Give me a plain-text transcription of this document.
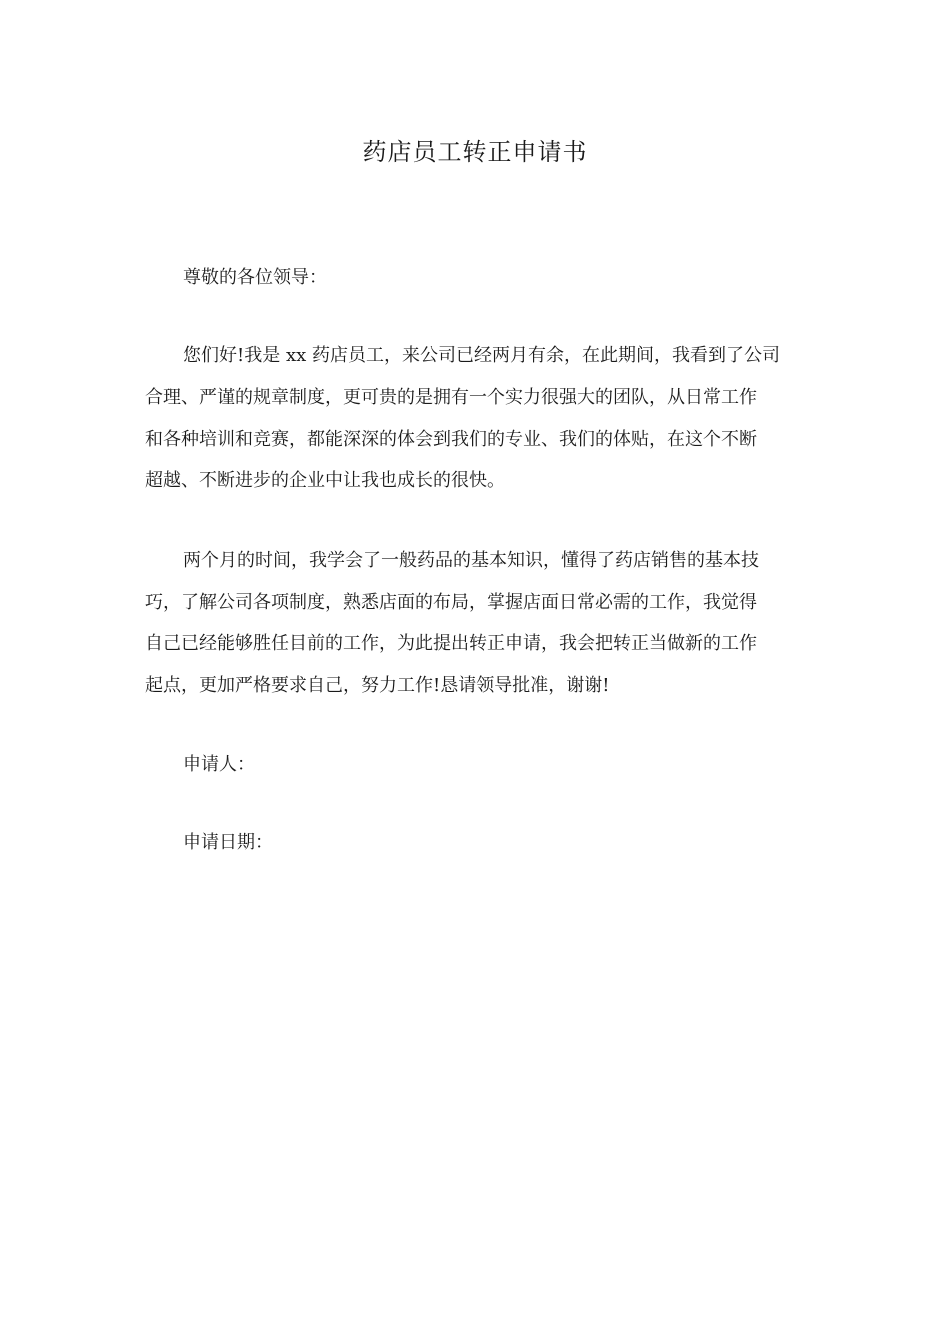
药店员工转正申请书
尊敬的各位领导：
您们好!我是 xx 药店员工，来公司已经两月有余，在此期间，我看到了公司
合理、严谨的规章制度，更可贵的是拥有一个实力很强大的团队，从日常工作
和各种培训和竞赛，都能深深的体会到我们的专业、我们的体贴，在这个不断
超越、不断进步的企业中让我也成长的很快。
两个月的时间，我学会了一般药品的基本知识，懂得了药店销售的基本技
巧，了解公司各项制度，熟悉店面的布局，掌握店面日常必需的工作，我觉得
自己已经能够胜任目前的工作，为此提出转正申请，我会把转正当做新的工作
起点，更加严格要求自己，努力工作!恳请领导批准，谢谢!
申请人：
申请日期：
